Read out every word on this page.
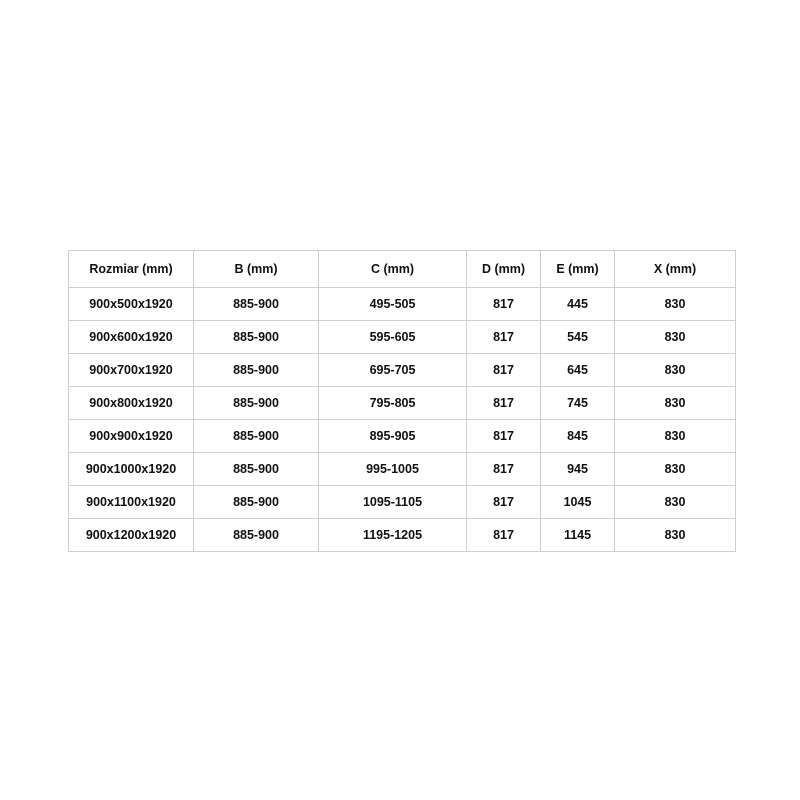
Rozmiar (mm)	B (mm)	C (mm)	D (mm)	E (mm)	X (mm)
900x500x1920	885-900	495-505	817	445	830
900x600x1920	885-900	595-605	817	545	830
900x700x1920	885-900	695-705	817	645	830
900x800x1920	885-900	795-805	817	745	830
900x900x1920	885-900	895-905	817	845	830
900x1000x1920	885-900	995-1005	817	945	830
900x1100x1920	885-900	1095-1105	817	1045	830
900x1200x1920	885-900	1195-1205	817	1145	830
